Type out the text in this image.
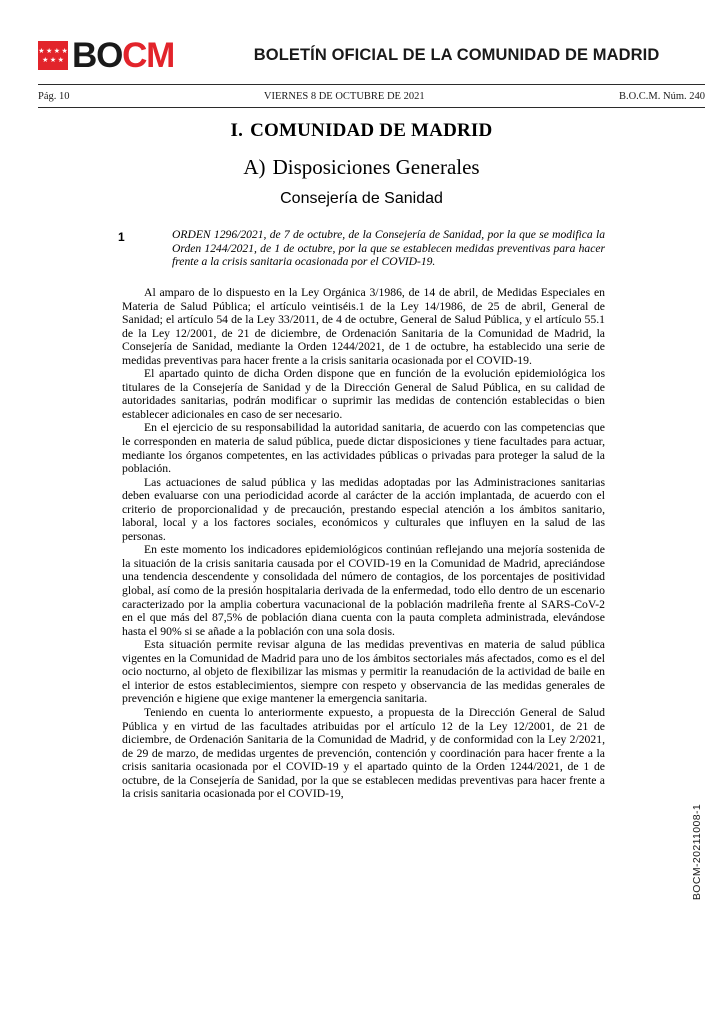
★ ★ ★ ★
★ ★ ★ BOCM	BOLETÍN OFICIAL DE LA COMUNIDAD DE MADRID
Pág. 10	VIERNES 8 DE OCTUBRE DE 2021	B.O.C.M. Núm. 240
I. COMUNIDAD DE MADRID
A) Disposiciones Generales
Consejería de Sanidad
1	ORDEN 1296/2021, de 7 de octubre, de la Consejería de Sanidad, por la que se modifica la Orden 1244/2021, de 1 de octubre, por la que se establecen medidas preventivas para hacer frente a la crisis sanitaria ocasionada por el COVID-19.

Al amparo de lo dispuesto en la Ley Orgánica 3/1986, de 14 de abril, de Medidas Especiales en Materia de Salud Pública; el artículo veintiséis.1 de la Ley 14/1986, de 25 de abril, General de Sanidad; el artículo 54 de la Ley 33/2011, de 4 de octubre, General de Salud Pública, y el artículo 55.1 de la Ley 12/2001, de 21 de diciembre, de Ordenación Sanitaria de la Comunidad de Madrid, la Consejería de Sanidad, mediante la Orden 1244/2021, de 1 de octubre, ha establecido una serie de medidas preventivas para hacer frente a la crisis sanitaria ocasionada por el COVID-19.

El apartado quinto de dicha Orden dispone que en función de la evolución epidemiológica los titulares de la Consejería de Sanidad y de la Dirección General de Salud Pública, en su calidad de autoridades sanitarias, podrán modificar o suprimir las medidas de contención establecidas o bien establecer adicionales en caso de ser necesario.

En el ejercicio de su responsabilidad la autoridad sanitaria, de acuerdo con las competencias que le corresponden en materia de salud pública, puede dictar disposiciones y tiene facultades para actuar, mediante los órganos competentes, en las actividades públicas o privadas para proteger la salud de la población.

Las actuaciones de salud pública y las medidas adoptadas por las Administraciones sanitarias deben evaluarse con una periodicidad acorde al carácter de la acción implantada, de acuerdo con el criterio de proporcionalidad y de precaución, prestando especial atención a los ámbitos sanitario, laboral, local y a los factores sociales, económicos y culturales que influyen en la salud de las personas.

En este momento los indicadores epidemiológicos continúan reflejando una mejoría sostenida de la situación de la crisis sanitaria causada por el COVID-19 en la Comunidad de Madrid, apreciándose una tendencia descendente y consolidada del número de contagios, de los porcentajes de positividad global, así como de la presión hospitalaria derivada de la enfermedad, todo ello dentro de un escenario caracterizado por la amplia cobertura vacunacional de la población madrileña frente al SARS-CoV-2 en el que más del 87,5% de población diana cuenta con la pauta completa administrada, elevándose hasta el 90% si se añade a la población con una sola dosis.

Esta situación permite revisar alguna de las medidas preventivas en materia de salud pública vigentes en la Comunidad de Madrid para uno de los ámbitos sectoriales más afectados, como es el del ocio nocturno, al objeto de flexibilizar las mismas y permitir la reanudación de la actividad de baile en el interior de estos establecimientos, siempre con respeto y observancia de las medidas generales de prevención e higiene que exige mantener la emergencia sanitaria.

Teniendo en cuenta lo anteriormente expuesto, a propuesta de la Dirección General de Salud Pública y en virtud de las facultades atribuidas por el artículo 12 de la Ley 12/2001, de 21 de diciembre, de Ordenación Sanitaria de la Comunidad de Madrid, y de conformidad con la Ley 2/2021, de 29 de marzo, de medidas urgentes de prevención, contención y coordinación para hacer frente a la crisis sanitaria ocasionada por el COVID-19 y el apartado quinto de la Orden 1244/2021, de 1 de octubre, de la Consejería de Sanidad, por la que se establecen medidas preventivas para hacer frente a la crisis sanitaria ocasionada por el COVID-19,

BOCM-20211008-1
